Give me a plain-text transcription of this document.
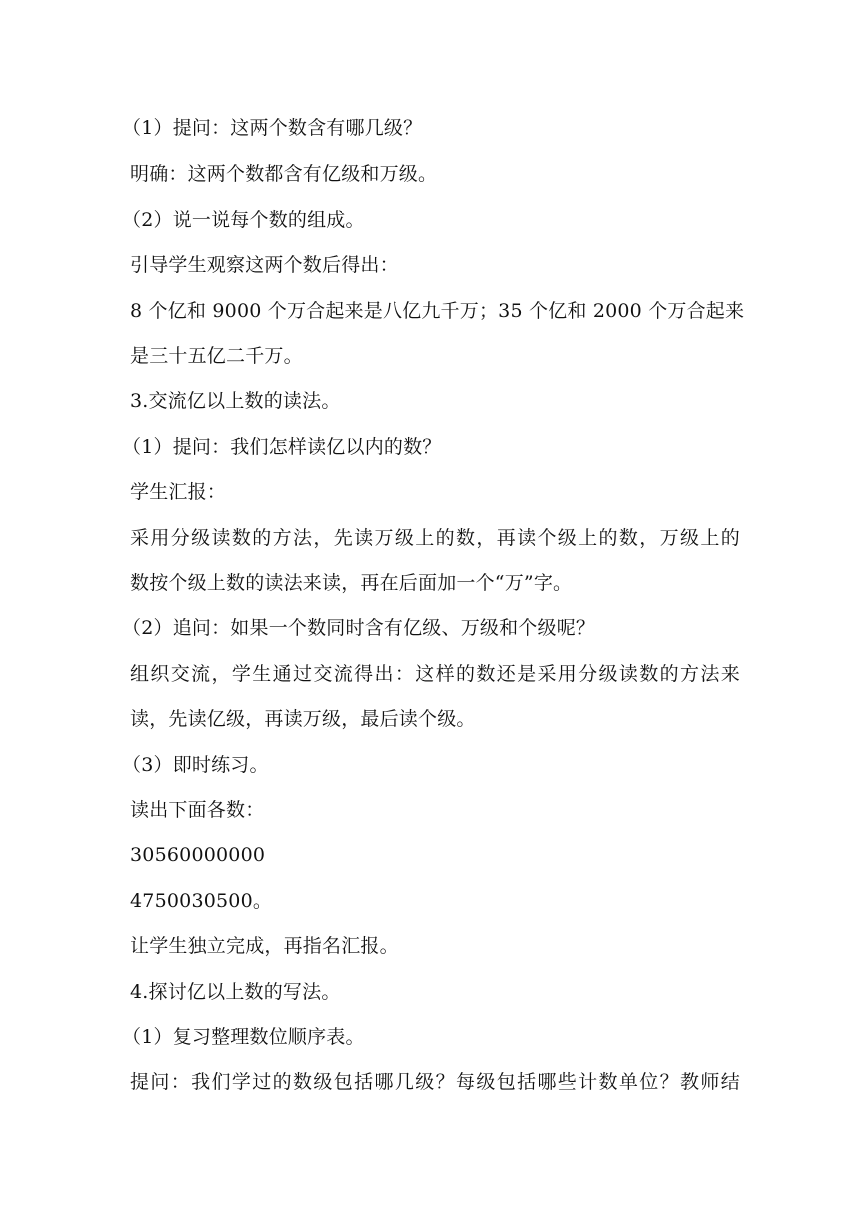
（1）提问：这两个数含有哪几级？
明确：这两个数都含有亿级和万级。
（2）说一说每个数的组成。
引导学生观察这两个数后得出：
8 个亿和 9000 个万合起来是八亿九千万；35 个亿和 2000 个万合起来
是三十五亿二千万。
3.交流亿以上数的读法。
（1）提问：我们怎样读亿以内的数？
学生汇报：
采用分级读数的方法，先读万级上的数，再读个级上的数，万级上的
数按个级上数的读法来读，再在后面加一个“万”字。
（2）追问：如果一个数同时含有亿级、万级和个级呢？
组织交流，学生通过交流得出：这样的数还是采用分级读数的方法来
读，先读亿级，再读万级，最后读个级。
（3）即时练习。
读出下面各数：
30560000000
4750030500。
让学生独立完成，再指名汇报。
4.探讨亿以上数的写法。
（1）复习整理数位顺序表。
提问：我们学过的数级包括哪几级？每级包括哪些计数单位？教师结
